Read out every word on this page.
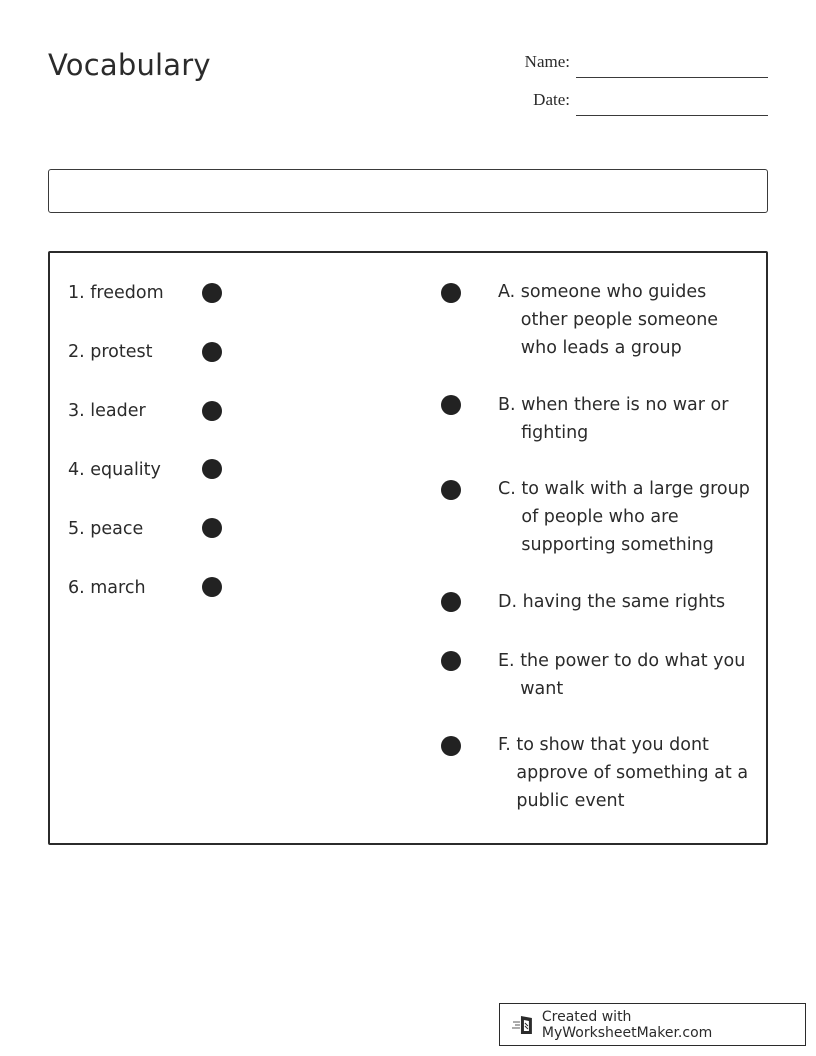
Vocabulary	Name:
Date:
1. freedom
2. protest
3. leader
4. equality
5. peace
6. march
A. someone who guides other people someone who leads a group
B. when there is no war or fighting
C. to walk with a large group of people who are supporting something
D. having the same rights
E. the power to do what you want
F. to show that you dont approve of something at a public event
Created with MyWorksheetMaker.com
